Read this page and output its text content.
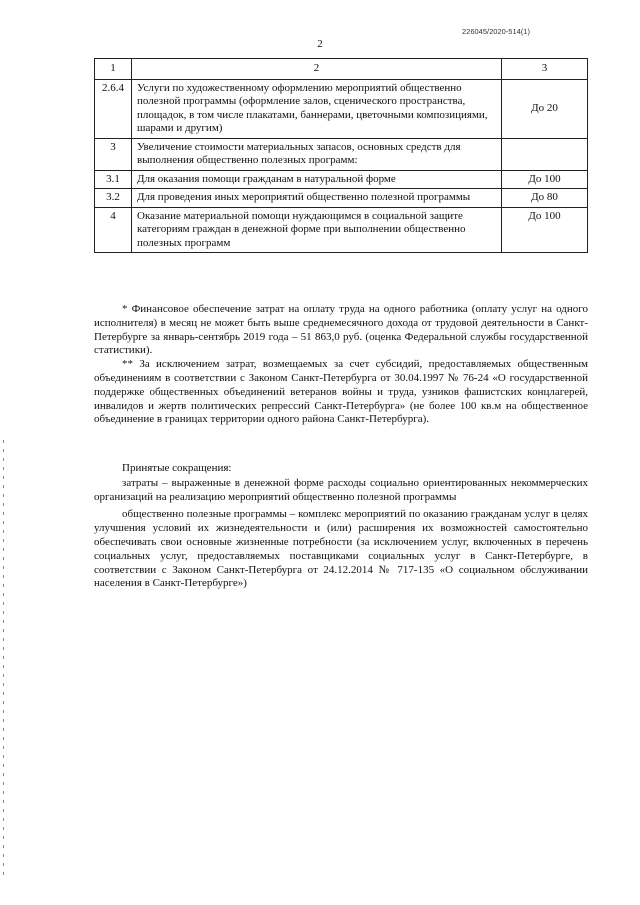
226045/2020-514(1)
2
1	2	3
2.6.4	Услуги по художественному оформлению мероприятий общественно полезной программы (оформление залов, сценического пространства, площадок, в том числе плакатами, баннерами, цветочными композициями, шарами и другим)	До 20
3	Увеличение стоимости материальных запасов, основных средств для выполнения общественно полезных программ:	
3.1	Для оказания помощи гражданам в натуральной форме	До 100
3.2	Для проведения иных мероприятий общественно полезной программы	До 80
4	Оказание материальной помощи нуждающимся в социальной защите категориям граждан в денежной форме при выполнении общественно полезных программ	До 100

* Финансовое обеспечение затрат на оплату труда на одного работника (оплату услуг на одного исполнителя) в месяц не может быть выше среднемесячного дохода от трудовой деятельности в Санкт-Петербурге за январь-сентябрь 2019 года – 51 863,0 руб. (оценка Федеральной службы государственной статистики).

** За исключением затрат, возмещаемых за счет субсидий, предоставляемых общественным объединениям в соответствии с Законом Санкт-Петербурга от 30.04.1997 № 76-24 «О государственной поддержке общественных объединений ветеранов войны и труда, узников фашистских концлагерей, инвалидов и жертв политических репрессий Санкт-Петербурга» (не более 100 кв.м на общественное объединение в границах территории одного района Санкт-Петербурга).

Принятые сокращения:

затраты – выраженные в денежной форме расходы социально ориентированных некоммерческих организаций на реализацию мероприятий общественно полезной программы

общественно полезные программы – комплекс мероприятий по оказанию гражданам услуг в целях улучшения условий их жизнедеятельности и (или) расширения их возможностей самостоятельно обеспечивать свои основные жизненные потребности (за исключением услуг, включенных в перечень социальных услуг, предоставляемых поставщиками социальных услуг в Санкт-Петербурге, в соответствии с Законом Санкт-Петербурга от 24.12.2014 № 717-135 «О социальном обслуживании населения в Санкт-Петербурге»)
